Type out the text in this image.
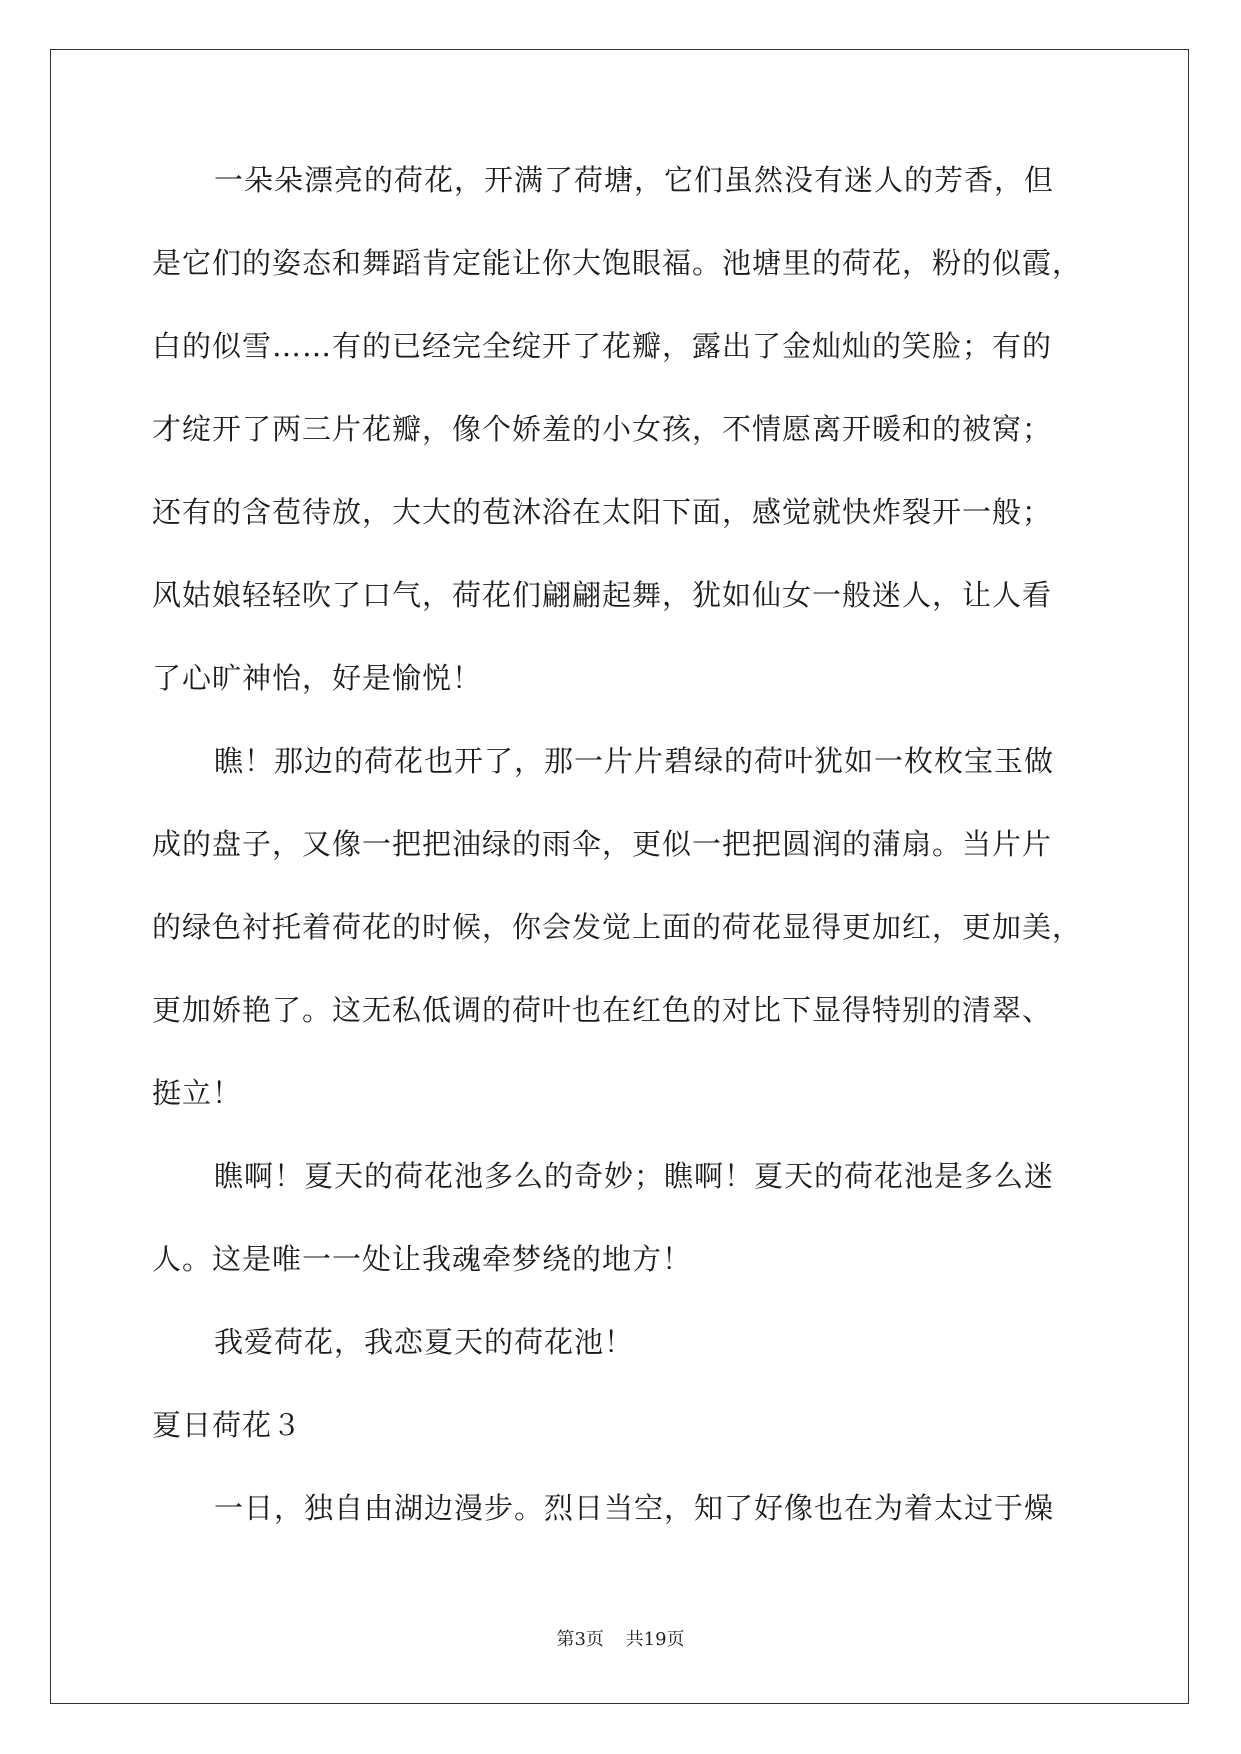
一朵朵漂亮的荷花，开满了荷塘，它们虽然没有迷人的芳香，但
是它们的姿态和舞蹈肯定能让你大饱眼福。池塘里的荷花，粉的似霞，
白的似雪……有的已经完全绽开了花瓣，露出了金灿灿的笑脸；有的
才绽开了两三片花瓣，像个娇羞的小女孩，不情愿离开暖和的被窝；
还有的含苞待放，大大的苞沐浴在太阳下面，感觉就快炸裂开一般；
风姑娘轻轻吹了口气，荷花们翩翩起舞，犹如仙女一般迷人，让人看
了心旷神怡，好是愉悦！
瞧！那边的荷花也开了，那一片片碧绿的荷叶犹如一枚枚宝玉做
成的盘子，又像一把把油绿的雨伞，更似一把把圆润的蒲扇。当片片
的绿色衬托着荷花的时候，你会发觉上面的荷花显得更加红，更加美，
更加娇艳了。这无私低调的荷叶也在红色的对比下显得特别的清翠、
挺立！
瞧啊！夏天的荷花池多么的奇妙；瞧啊！夏天的荷花池是多么迷
人。这是唯一一处让我魂牵梦绕的地方！
我爱荷花，我恋夏天的荷花池！
夏日荷花３
一日，独自由湖边漫步。烈日当空，知了好像也在为着太过于燥
第3页 共19页
